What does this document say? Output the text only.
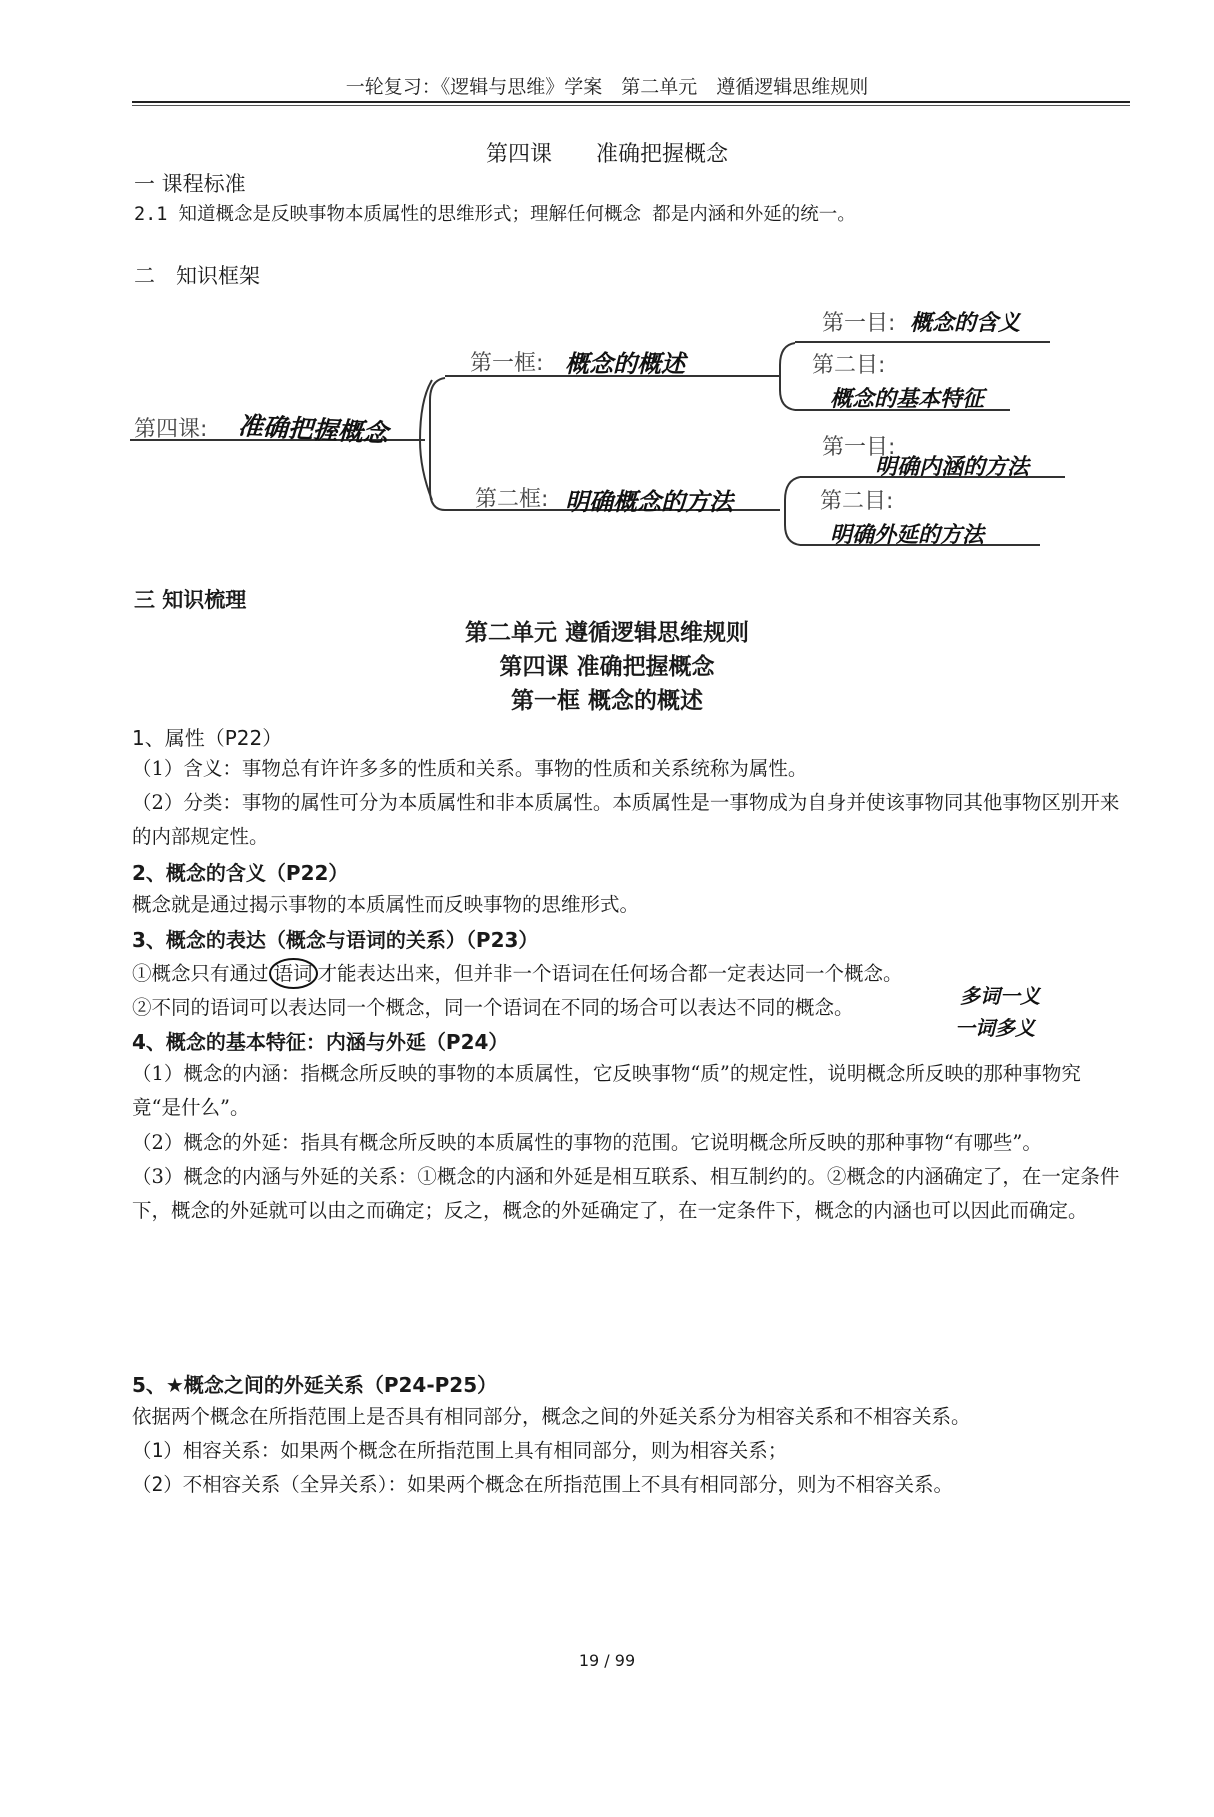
一轮复习：《逻辑与思维》学案　第二单元　遵循逻辑思维规则
第四课　　准确把握概念
一 课程标准
2.1 知道概念是反映事物本质属性的思维形式；理解任何概念 都是内涵和外延的统一。
二　知识框架
第四课: 准确把握概念
第一框: 概念的概述
第二框: 明确概念的方法
第一目: 概念的含义
第二目:
概念的基本特征
第一目:
明确内涵的方法
第二目:
明确外延的方法
三 知识梳理
第二单元 遵循逻辑思维规则
第四课 准确把握概念
第一框 概念的概述
1、属性（P22）
（1）含义：事物总有许许多多的性质和关系。事物的性质和关系统称为属性。
（2）分类：事物的属性可分为本质属性和非本质属性。本质属性是一事物成为自身并使该事物同其他事物区别开来的内部规定性。
2、概念的含义（P22）
概念就是通过揭示事物的本质属性而反映事物的思维形式。
3、概念的表达（概念与语词的关系）（P23）
①概念只有通过 语词 才能表达出来，但并非一个语词在任何场合都一定表达同一个概念。
②不同的语词可以表达同一个概念，同一个语词在不同的场合可以表达不同的概念。	多词一义
一词多义
4、概念的基本特征：内涵与外延（P24）
（1）概念的内涵：指概念所反映的事物的本质属性，它反映事物“质”的规定性，说明概念所反映的那种事物究竟“是什么”。
（2）概念的外延：指具有概念所反映的本质属性的事物的范围。它说明概念所反映的那种事物“有哪些”。
（3）概念的内涵与外延的关系：①概念的内涵和外延是相互联系、相互制约的。②概念的内涵确定了，在一定条件下，概念的外延就可以由之而确定；反之，概念的外延确定了，在一定条件下，概念的内涵也可以因此而确定。
5、★概念之间的外延关系（P24-P25）
依据两个概念在所指范围上是否具有相同部分，概念之间的外延关系分为相容关系和不相容关系。
（1）相容关系：如果两个概念在所指范围上具有相同部分，则为相容关系；
（2）不相容关系（全异关系）：如果两个概念在所指范围上不具有相同部分，则为不相容关系。
19 / 99
